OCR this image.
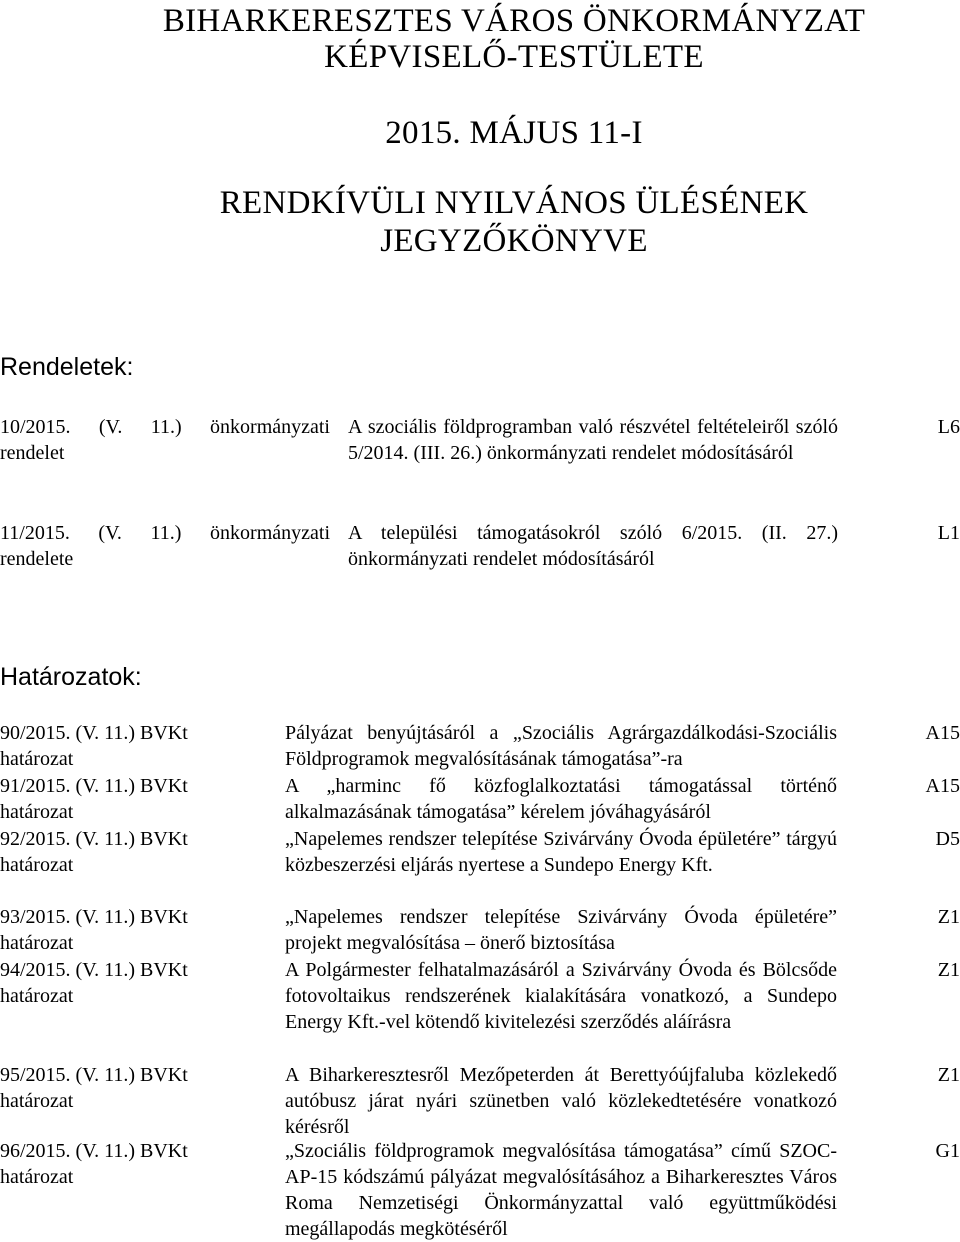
BIHARKERESZTES VÁROS ÖNKORMÁNYZAT
KÉPVISELŐ-TESTÜLETE
2015. MÁJUS 11-I
RENDKÍVÜLI NYILVÁNOS ÜLÉSÉNEK
JEGYZŐKÖNYVE
Rendeletek:
10/2015. (V. 11.) önkormányzati
rendelet
A szociális földprogramban való részvétel feltételeiről szóló 5/2014. (III. 26.) önkormányzati rendelet módosításáról
L6
11/2015. (V. 11.) önkormányzati
rendelete
A települési támogatásokról szóló 6/2015. (II. 27.) önkormányzati rendelet módosításáról
L1
Határozatok:
90/2015. (V. 11.) BVKt
határozat
Pályázat benyújtásáról a „Szociális Agrárgazdálkodási-Szociális Földprogramok megvalósításának támogatása”-ra
A15
91/2015. (V. 11.) BVKt
határozat
A „harminc fő közfoglalkoztatási támogatással történő alkalmazásának támogatása” kérelem jóváhagyásáról
A15
92/2015. (V. 11.) BVKt
határozat
„Napelemes rendszer telepítése Szivárvány Óvoda épületére” tárgyú közbeszerzési eljárás nyertese a Sundepo Energy Kft.
D5
93/2015. (V. 11.) BVKt
határozat
„Napelemes rendszer telepítése Szivárvány Óvoda épületére” projekt megvalósítása – önerő biztosítása
Z1
94/2015. (V. 11.) BVKt
határozat
A Polgármester felhatalmazásáról a Szivárvány Óvoda és Bölcsőde fotovoltaikus rendszerének kialakítására vonatkozó, a Sundepo Energy Kft.-vel kötendő kivitelezési szerződés aláírásra
Z1
95/2015. (V. 11.) BVKt
határozat
A Biharkeresztesről Mezőpeterden át Berettyóújfaluba közlekedő autóbusz járat nyári szünetben való közlekedtetésére vonatkozó kérésről
Z1
96/2015. (V. 11.) BVKt
határozat
„Szociális földprogramok megvalósítása támogatása” című SZOC-AP-15 kódszámú pályázat megvalósításához a Biharkeresztes Város Roma Nemzetiségi Önkormányzattal való együttműködési megállapodás megkötéséről
G1
